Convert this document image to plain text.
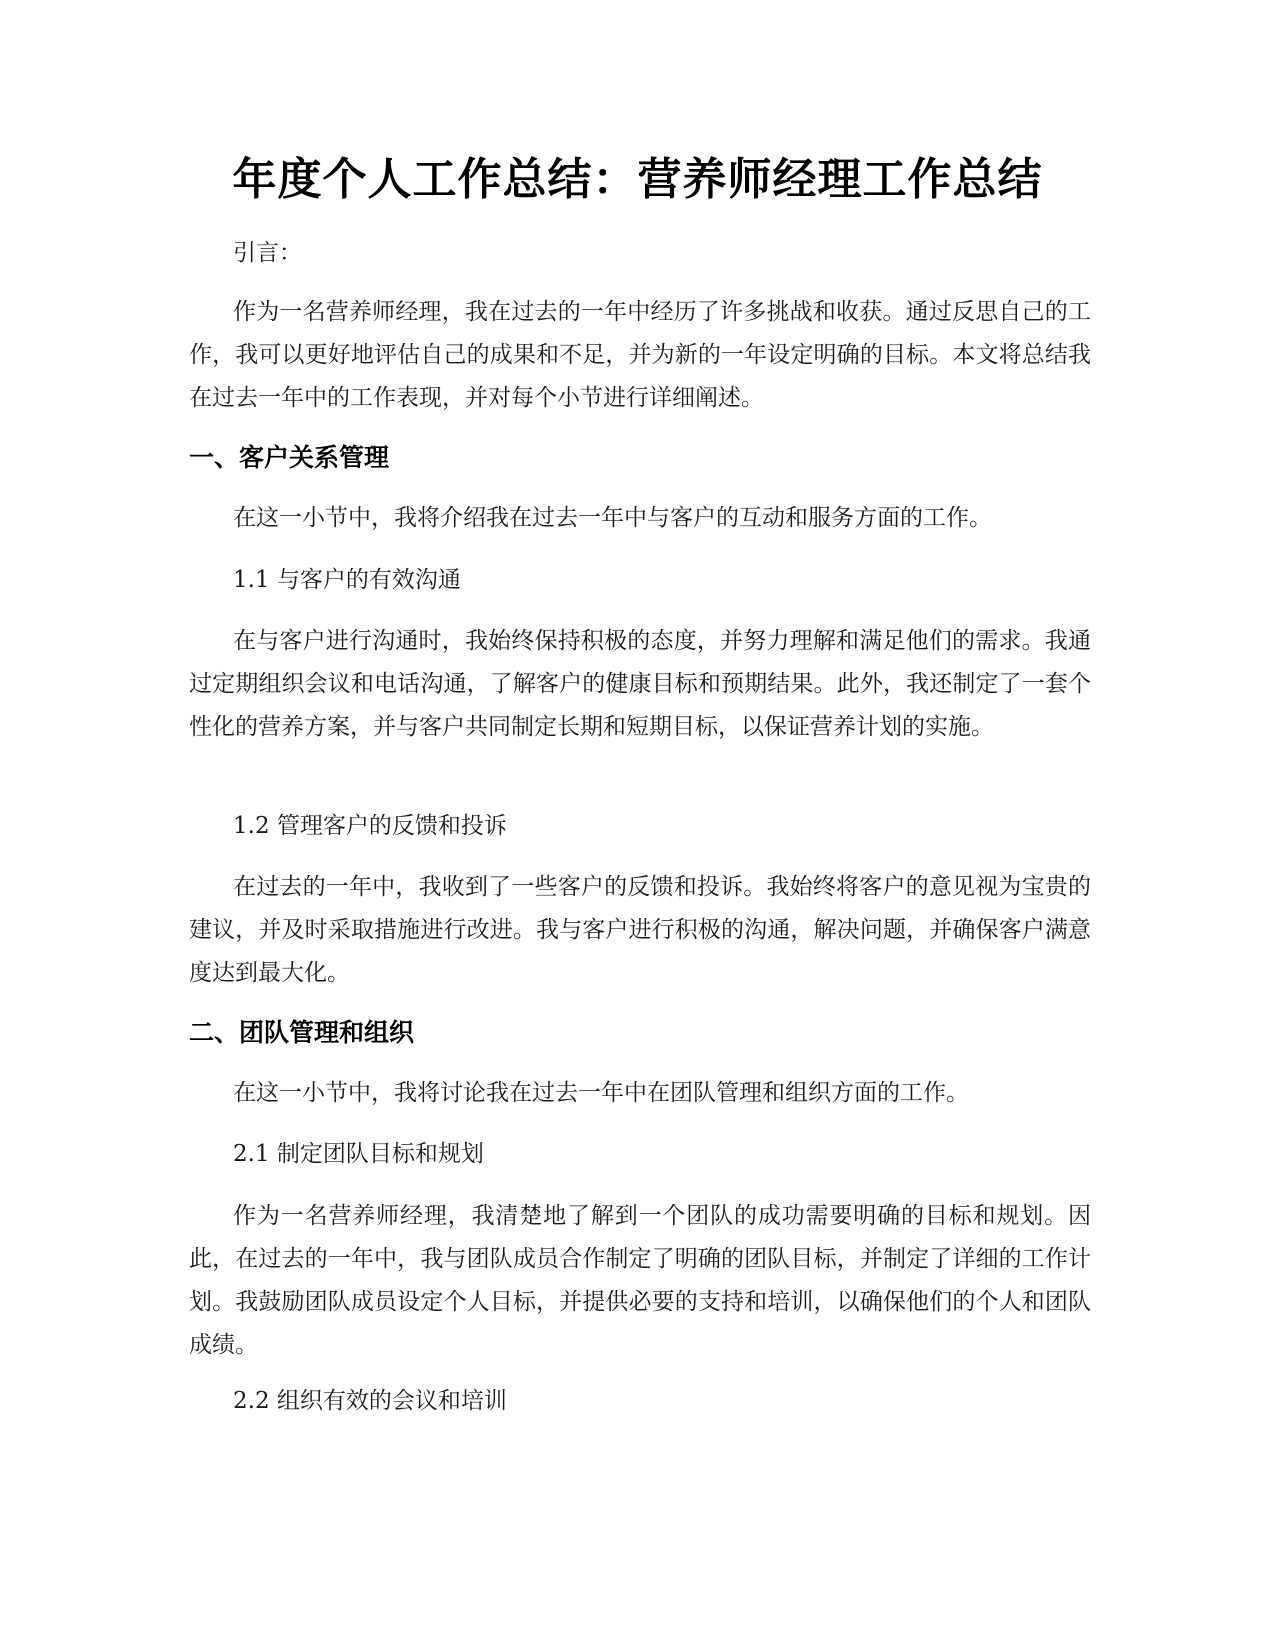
年度个人工作总结：营养师经理工作总结

引言：

作为一名营养师经理，我在过去的一年中经历了许多挑战和收获。通过反思自己的工作，我可以更好地评估自己的成果和不足，并为新的一年设定明确的目标。本文将总结我在过去一年中的工作表现，并对每个小节进行详细阐述。

一、客户关系管理

在这一小节中，我将介绍我在过去一年中与客户的互动和服务方面的工作。

1.1 与客户的有效沟通

在与客户进行沟通时，我始终保持积极的态度，并努力理解和满足他们的需求。我通过定期组织会议和电话沟通，了解客户的健康目标和预期结果。此外，我还制定了一套个性化的营养方案，并与客户共同制定长期和短期目标，以保证营养计划的实施。

1.2 管理客户的反馈和投诉

在过去的一年中，我收到了一些客户的反馈和投诉。我始终将客户的意见视为宝贵的建议，并及时采取措施进行改进。我与客户进行积极的沟通，解决问题，并确保客户满意度达到最大化。

二、团队管理和组织

在这一小节中，我将讨论我在过去一年中在团队管理和组织方面的工作。

2.1 制定团队目标和规划

作为一名营养师经理，我清楚地了解到一个团队的成功需要明确的目标和规划。因此，在过去的一年中，我与团队成员合作制定了明确的团队目标，并制定了详细的工作计划。我鼓励团队成员设定个人目标，并提供必要的支持和培训，以确保他们的个人和团队成绩。

2.2 组织有效的会议和培训
